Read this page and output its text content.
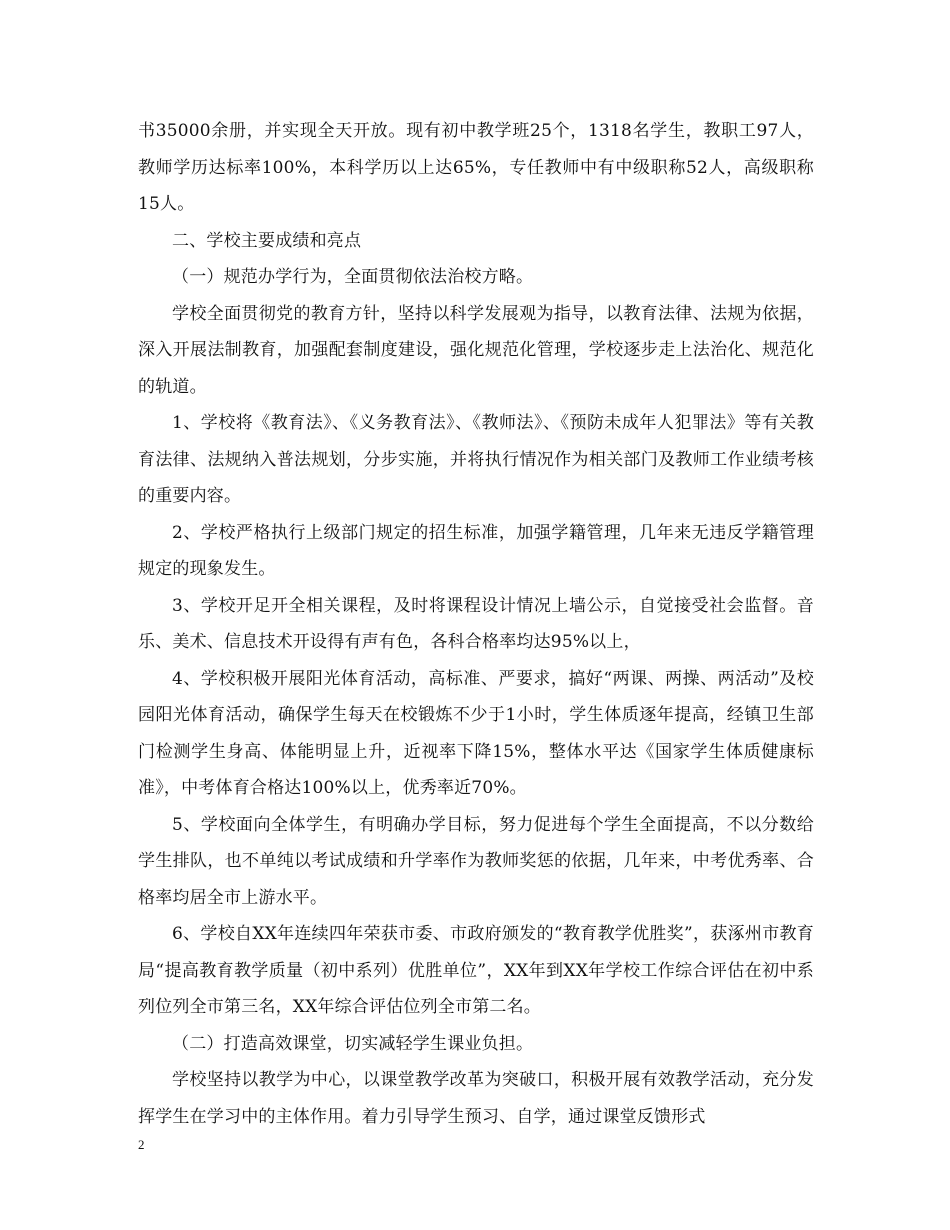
书35000余册，并实现全天开放。现有初中教学班25个，1318名学生，教职工97人，教师学历达标率100%，本科学历以上达65%，专任教师中有中级职称52人，高级职称15人。

二、学校主要成绩和亮点

（一）规范办学行为，全面贯彻依法治校方略。

学校全面贯彻党的教育方针，坚持以科学发展观为指导，以教育法律、法规为依据，深入开展法制教育，加强配套制度建设，强化规范化管理，学校逐步走上法治化、规范化的轨道。

1、学校将《教育法》、《义务教育法》、《教师法》、《预防未成年人犯罪法》等有关教育法律、法规纳入普法规划，分步实施，并将执行情况作为相关部门及教师工作业绩考核的重要内容。

2、学校严格执行上级部门规定的招生标准，加强学籍管理，几年来无违反学籍管理规定的现象发生。

3、学校开足开全相关课程，及时将课程设计情况上墙公示，自觉接受社会监督。音乐、美术、信息技术开设得有声有色，各科合格率均达95%以上，

4、学校积极开展阳光体育活动，高标准、严要求，搞好“两课、两操、两活动”及校园阳光体育活动，确保学生每天在校锻炼不少于1小时，学生体质逐年提高，经镇卫生部门检测学生身高、体能明显上升，近视率下降15%，整体水平达《国家学生体质健康标准》，中考体育合格达100%以上，优秀率近70%。

5、学校面向全体学生，有明确办学目标，努力促进每个学生全面提高，不以分数给学生排队，也不单纯以考试成绩和升学率作为教师奖惩的依据，几年来，中考优秀率、合格率均居全市上游水平。

6、学校自XX年连续四年荣获市委、市政府颁发的“教育教学优胜奖”，获涿州市教育局“提高教育教学质量（初中系列）优胜单位”，XX年到XX年学校工作综合评估在初中系列位列全市第三名，XX年综合评估位列全市第二名。

（二）打造高效课堂，切实减轻学生课业负担。

学校坚持以教学为中心，以课堂教学改革为突破口，积极开展有效教学活动，充分发挥学生在学习中的主体作用。着力引导学生预习、自学，通过课堂反馈形式

2
